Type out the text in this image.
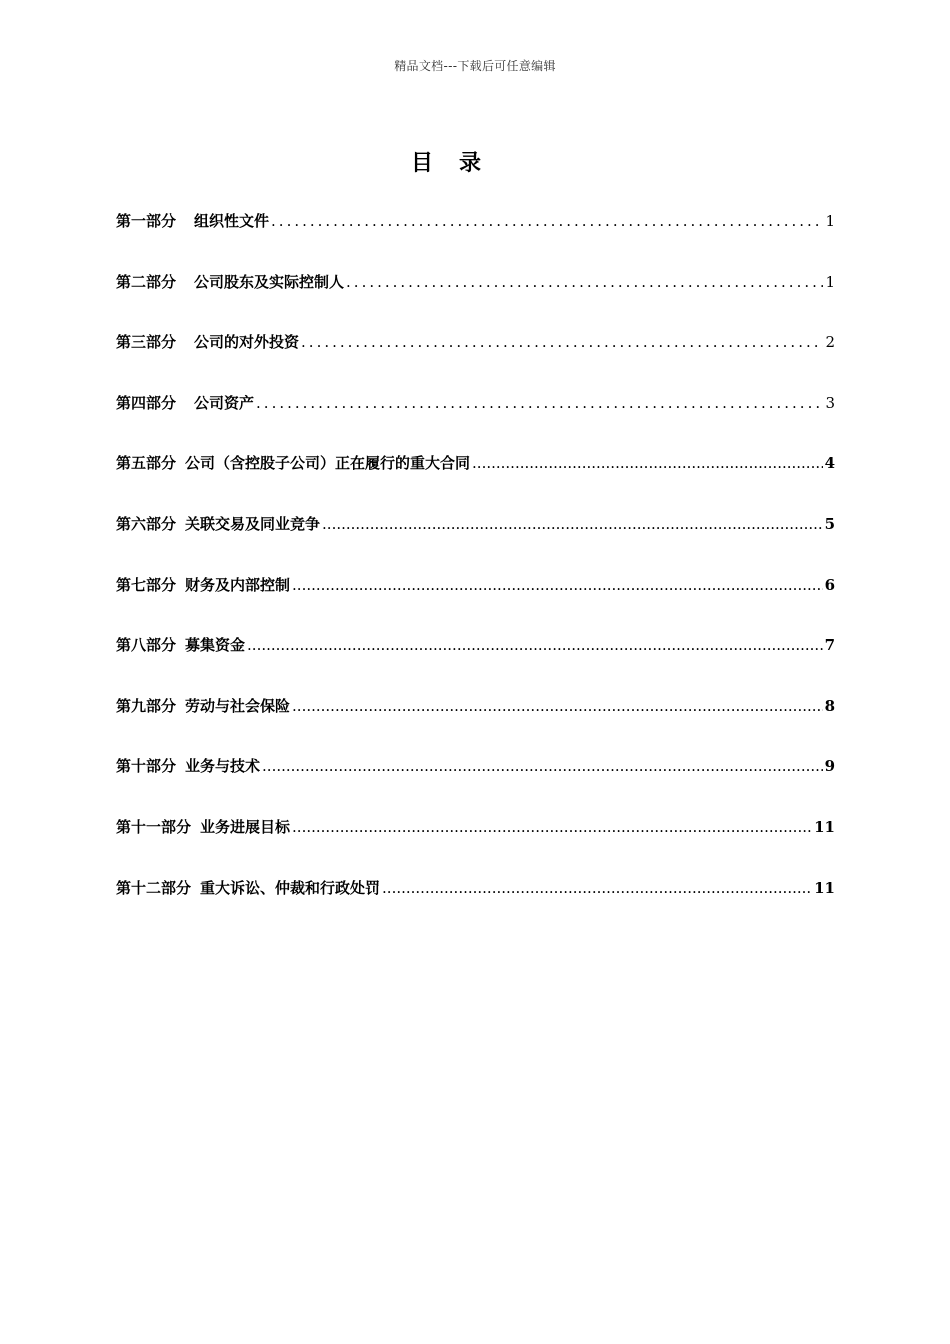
精品文档---下载后可任意编辑
目录
第一部分 组织性文件 .....	1
第二部分 公司股东及实际控制人 .....	1
第三部分 公司的对外投资 .....	2
第四部分 公司资产 .....	3
第五部分 公司（含控股子公司）正在履行的重大合同 .....	4
第六部分 关联交易及同业竞争 .....	5
第七部分 财务及内部控制 .....	6
第八部分 募集资金 .....	7
第九部分 劳动与社会保险 .....	8
第十部分 业务与技术 .....	9
第十一部分 业务进展目标 .....	11
第十二部分 重大诉讼、仲裁和行政处罚 .....	11
